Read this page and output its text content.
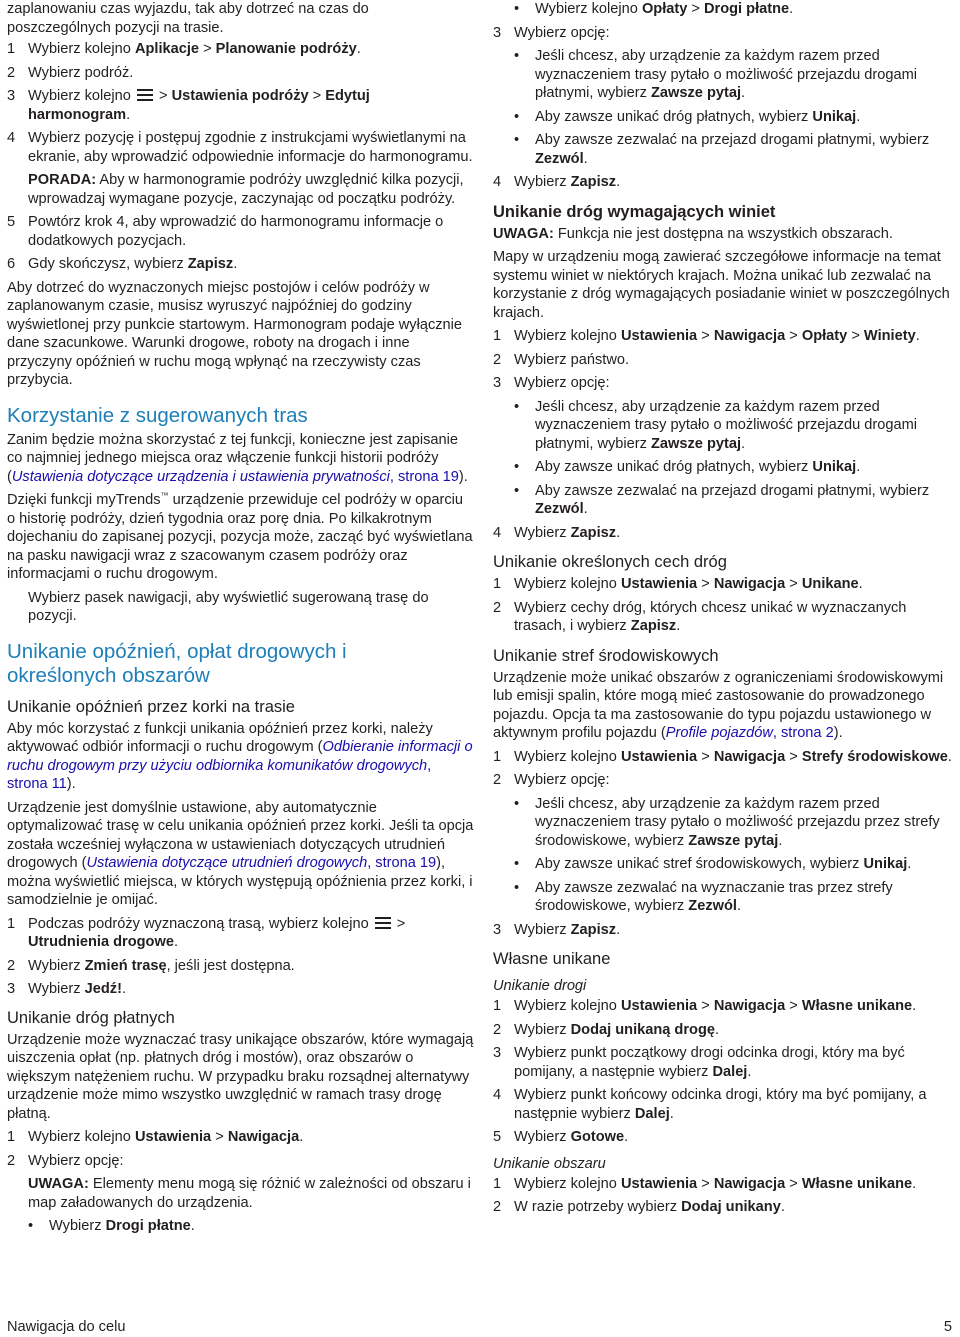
zaplanowaniu czas wyjazdu, tak aby dotrzeć na czas do poszczególnych pozycji na trasie.

1 Wybierz kolejno Aplikacje > Planowanie podróży.
2 Wybierz podróż.
3 Wybierz kolejno  > Ustawienia podróży > Edytuj harmonogram.
4 Wybierz pozycję i postępuj zgodnie z instrukcjami wyświetlanymi na ekranie, aby wprowadzić odpowiednie informacje do harmonogramu.
PORADA: Aby w harmonogramie podróży uwzględnić kilka pozycji, wprowadzaj wymagane pozycje, zaczynając od początku podróży.
5 Powtórz krok 4, aby wprowadzić do harmonogramu informacje o dodatkowych pozycjach.
6 Gdy skończysz, wybierz Zapisz.

Aby dotrzeć do wyznaczonych miejsc postojów i celów podróży w zaplanowanym czasie, musisz wyruszyć najpóźniej do godziny wyświetlonej przy punkcie startowym. Harmonogram podaje wyłącznie dane szacunkowe. Warunki drogowe, roboty na drogach i inne przyczyny opóźnień w ruchu mogą wpłynąć na rzeczywisty czas przybycia.

Korzystanie z sugerowanych tras

Zanim będzie można skorzystać z tej funkcji, konieczne jest zapisanie co najmniej jednego miejsca oraz włączenie funkcji historii podróży (Ustawienia dotyczące urządzenia i ustawienia prywatności, strona 19).

Dzięki funkcji myTrends™ urządzenie przewiduje cel podróży w oparciu o historię podróży, dzień tygodnia oraz porę dnia. Po kilkakrotnym dojechaniu do zapisanej pozycji, pozycja może, zacząć być wyświetlana na pasku nawigacji wraz z szacowanym czasem podróży oraz informacjami o ruchu drogowym.

Wybierz pasek nawigacji, aby wyświetlić sugerowaną trasę do pozycji.
Unikanie opóźnień, opłat drogowych i określonych obszarów
Unikanie opóźnień przez korki na trasie

Aby móc korzystać z funkcji unikania opóźnień przez korki, należy aktywować odbiór informacji o ruchu drogowym (Odbieranie informacji o ruchu drogowym przy użyciu odbiornika komunikatów drogowych, strona 11).

Urządzenie jest domyślnie ustawione, aby automatycznie optymalizować trasę w celu unikania opóźnień przez korki. Jeśli ta opcja została wcześniej wyłączona w ustawieniach dotyczących utrudnień drogowych (Ustawienia dotyczące utrudnień drogowych, strona 19), można wyświetlić miejsca, w których występują opóźnienia przez korki, i samodzielnie je omijać.

1 Podczas podróży wyznaczoną trasą, wybierz kolejno  >
Utrudnienia drogowe.
2 Wybierz Zmień trasę, jeśli jest dostępna.
3 Wybierz Jedź!.
Unikanie dróg płatnych

Urządzenie może wyznaczać trasy unikające obszarów, które wymagają uiszczenia opłat (np. płatnych dróg i mostów), oraz obszarów o większym natężeniem ruchu. W przypadku braku rozsądnej alternatywy urządzenie może mimo wszystko uwzględnić w ramach trasy drogę płatną.

1 Wybierz kolejno Ustawienia > Nawigacja.
2 Wybierz opcję:
UWAGA: Elementy menu mogą się różnić w zależności od obszaru i map załadowanych do urządzenia.
• Wybierz Drogi płatne.
• Wybierz kolejno Opłaty > Drogi płatne.
3 Wybierz opcję:
• Jeśli chcesz, aby urządzenie za każdym razem przed wyznaczeniem trasy pytało o możliwość przejazdu drogami płatnymi, wybierz Zawsze pytaj.
• Aby zawsze unikać dróg płatnych, wybierz Unikaj.
• Aby zawsze zezwalać na przejazd drogami płatnymi, wybierz Zezwól.
4 Wybierz Zapisz.
Unikanie dróg wymagających winiet

UWAGA: Funkcja nie jest dostępna na wszystkich obszarach.

Mapy w urządzeniu mogą zawierać szczegółowe informacje na temat systemu winiet w niektórych krajach. Można unikać lub zezwalać na korzystanie z dróg wymagających posiadanie winiet w poszczególnych krajach.

1 Wybierz kolejno Ustawienia > Nawigacja > Opłaty > Winiety.
2 Wybierz państwo.
3 Wybierz opcję:
• Jeśli chcesz, aby urządzenie za każdym razem przed wyznaczeniem trasy pytało o możliwość przejazdu drogami płatnymi, wybierz Zawsze pytaj.
• Aby zawsze unikać dróg płatnych, wybierz Unikaj.
• Aby zawsze zezwalać na przejazd drogami płatnymi, wybierz Zezwól.
4 Wybierz Zapisz.
Unikanie określonych cech dróg
1 Wybierz kolejno Ustawienia > Nawigacja > Unikane.
2 Wybierz cechy dróg, których chcesz unikać w wyznaczanych trasach, i wybierz Zapisz.
Unikanie stref środowiskowych

Urządzenie może unikać obszarów z ograniczeniami środowiskowymi lub emisji spalin, które mogą mieć zastosowanie do prowadzonego pojazdu. Opcja ta ma zastosowanie do typu pojazdu ustawionego w aktywnym profilu pojazdu (Profile pojazdów, strona 2).

1 Wybierz kolejno Ustawienia > Nawigacja > Strefy środowiskowe.
2 Wybierz opcję:
• Jeśli chcesz, aby urządzenie za każdym razem przed wyznaczeniem trasy pytało o możliwość przejazdu przez strefy środowiskowe, wybierz Zawsze pytaj.
• Aby zawsze unikać stref środowiskowych, wybierz Unikaj.
• Aby zawsze zezwalać na wyznaczanie tras przez strefy środowiskowe, wybierz Zezwól.
3 Wybierz Zapisz.
Własne unikane
Unikanie drogi
1 Wybierz kolejno Ustawienia > Nawigacja > Własne unikane.
2 Wybierz Dodaj unikaną drogę.
3 Wybierz punkt początkowy drogi odcinka drogi, który ma być pomijany, a następnie wybierz Dalej.
4 Wybierz punkt końcowy odcinka drogi, który ma być pomijany, a następnie wybierz Dalej.
5 Wybierz Gotowe.
Unikanie obszaru
1 Wybierz kolejno Ustawienia > Nawigacja > Własne unikane.
2 W razie potrzeby wybierz Dodaj unikany.
Nawigacja do celu	5
